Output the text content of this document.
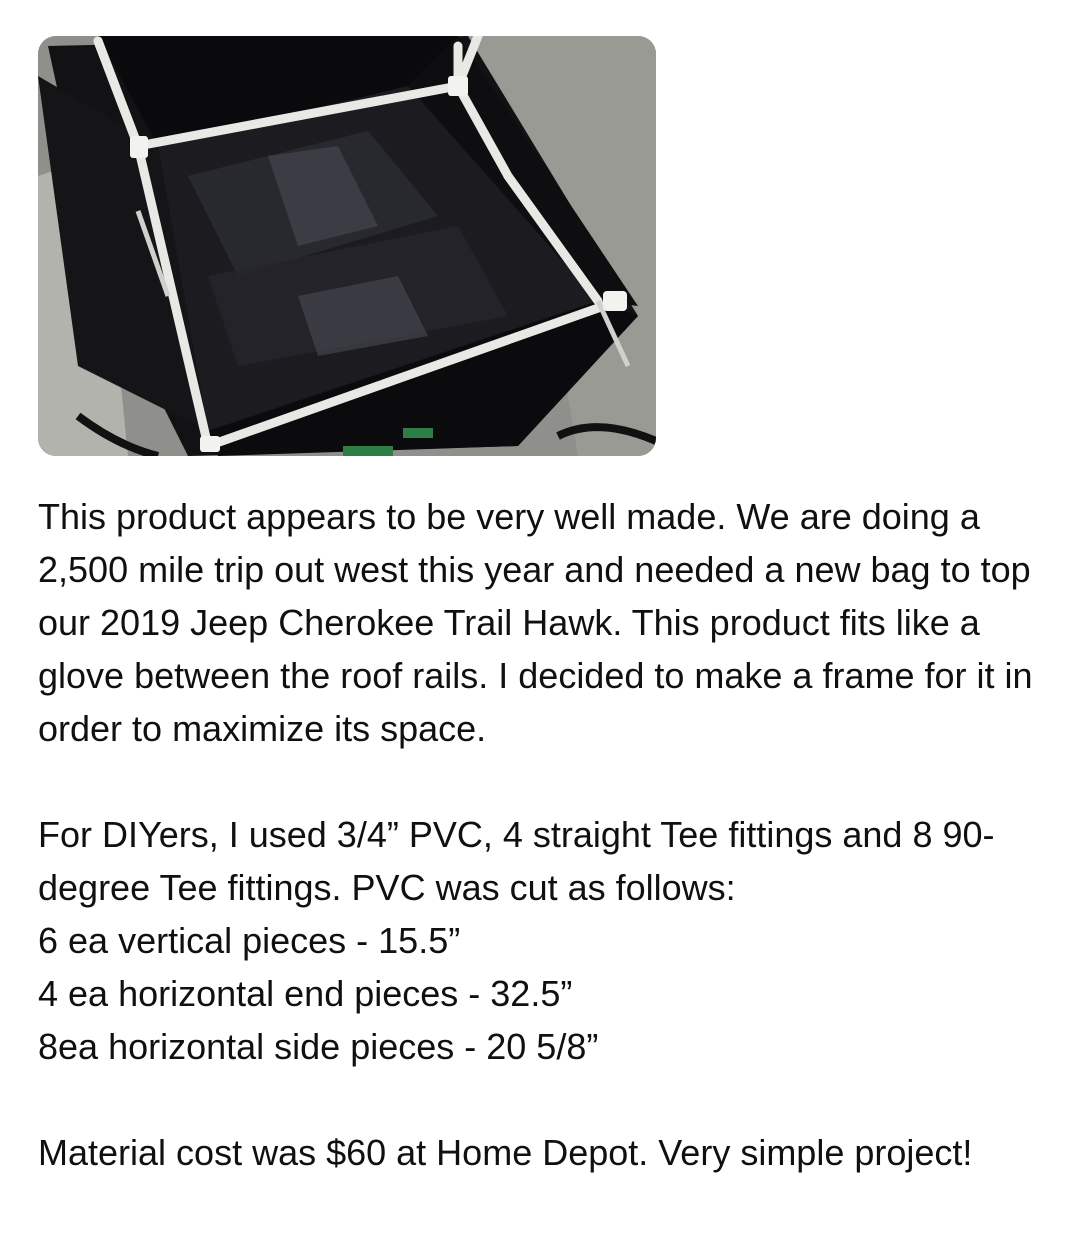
This product appears to be very well made. We are doing a 2,500 mile trip out west this year and needed a new bag to top our 2019 Jeep Cherokee Trail Hawk. This product fits like a glove between the roof rails. I decided to make a frame for it in order to maximize its space.

For DIYers, I used 3/4” PVC, 4 straight Tee fittings and 8 90-degree Tee fittings. PVC was cut as follows:

6 ea vertical pieces - 15.5”

4 ea horizontal end pieces - 32.5”

8ea horizontal side pieces - 20 5/8”

Material cost was $60 at Home Depot. Very simple project!
